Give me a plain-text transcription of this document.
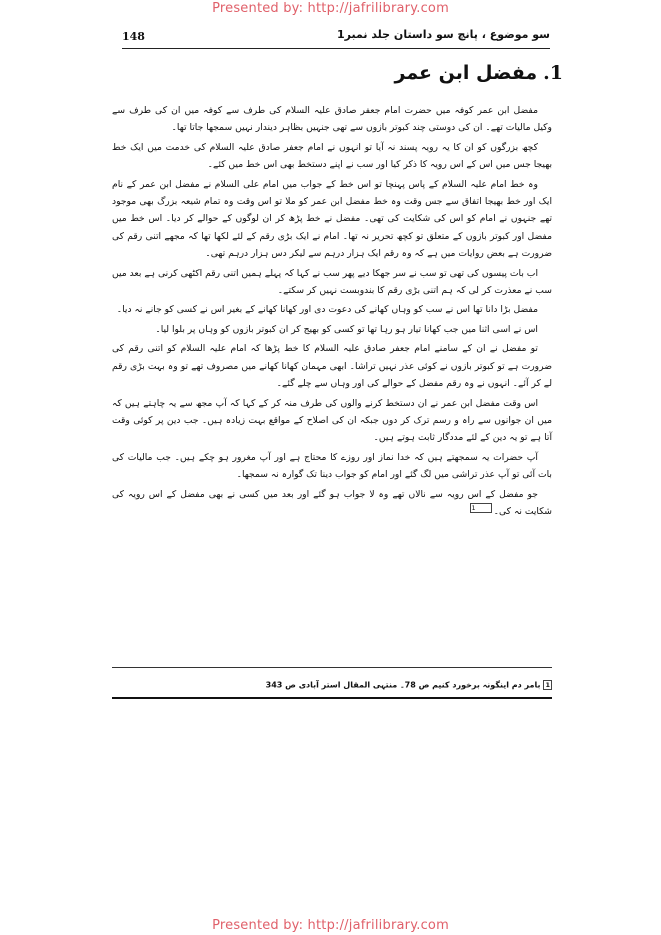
Presented by: http://jafrilibrary.com
148	سو موضوع ، پانچ سو داستان جلد نمبر1
1.مفضل ابن عمر

مفضل ابن عمر کوفہ میں حضرت امام جعفر صادق علیہ السلام کی طرف سے کوفہ میں ان کی طرف سے وکیل مالیات تھے۔ ان کی دوستی چند کبوتر بازوں سے تھی جنہیں بظاہر دیندار نہیں سمجھا جاتا تھا۔

کچھ بزرگوں کو ان کا یہ رویہ پسند نہ آیا تو انہوں نے امام جعفر صادق علیہ السلام کی خدمت میں ایک خط بھیجا جس میں اس کے اس رویہ کا ذکر کیا اور سب نے اپنے دستخط بھی اس خط میں کئے۔

وہ خط امام علیہ السلام کے پاس پہنچا تو اس خط کے جواب میں امام علی السلام نے مفضل ابن عمر کے نام ایک اور خط بھیجا اتفاق سے جس وقت وہ خط مفضل ابن عمر کو ملا تو اس وقت وہ تمام شیعہ بزرگ بھی موجود تھے جنہوں نے امام کو اس کی شکایت کی تھی۔ مفضل نے خط پڑھ کر ان لوگوں کے حوالے کر دیا۔ اس خط میں مفضل اور کبوتر بازوں کے متعلق تو کچھ تحریر نہ تھا۔ امام نے ایک بڑی رقم کے لئے لکھا تھا کہ مجھے اتنی رقم کی ضرورت ہے بعض روایات میں ہے کہ وہ رقم ایک ہزار درہم سے لیکر دس ہزار درہم تھی۔

اب بات پیسوں کی تھی تو سب نے سر جھکا دیے پھر سب نے کہا کہ پہلے ہمیں اتنی رقم اکٹھی کرنی ہے بعد میں سب نے معذرت کر لی کہ ہم اتنی بڑی رقم کا بندوبست نہیں کر سکتے۔

مفضل بڑا دانا تھا اس نے سب کو وہاں کھانے کی دعوت دی اور کھانا کھانے کے بغیر اس نے کسی کو جانے نہ دیا۔

اس نے اسی اثنا میں جب کھانا تیار ہو رہا تھا تو کسی کو بھیج کر ان کبوتر بازوں کو وہاں پر بلوا لیا۔

تو مفضل نے ان کے سامنے امام جعفر صادق علیہ السلام کا خط پڑھا کہ امام علیہ السلام کو اتنی رقم کی ضرورت ہے تو کبوتر بازوں نے کوئی عذر نہیں تراشا۔ ابھی مہمان کھانا کھانے میں مصروف تھے تو وہ بہت بڑی رقم لے کر آئے۔ انہوں نے وہ رقم مفضل کے حوالے کی اور وہاں سے چلے گئے۔

اس وقت مفضل ابن عمر نے ان دستخط کرنے والوں کی طرف منہ کر کے کہا کہ آپ مجھ سے یہ چاہتے ہیں کہ میں ان جوانوں سے راہ و رسم ترک کر دوں جبکہ ان کی اصلاح کے مواقع بہت زیادہ ہیں۔ جب دین پر کوئی وقت آتا ہے تو یہ دین کے لئے مددگار ثابت ہوتے ہیں۔

آپ حضرات یہ سمجھتے ہیں کہ خدا نماز اور روزے کا محتاج ہے اور آپ مغرور ہو چکے ہیں۔ جب مالیات کی بات آئی تو آپ عذر تراشی میں لگ گئے اور امام کو جواب دینا تک گوارہ نہ سمجھا۔

جو مفضل کے اس رویہ سے نالاں تھے وہ لا جواب ہو گئے اور بعد میں کسی نے بھی مفضل کے اس رویہ کی شکایت نہ کی۔1

1بامر دم اینگونہ برخورد کنیم ص 78۔ منتہی المقال استر آبادی ص 343
Presented by: http://jafrilibrary.com
